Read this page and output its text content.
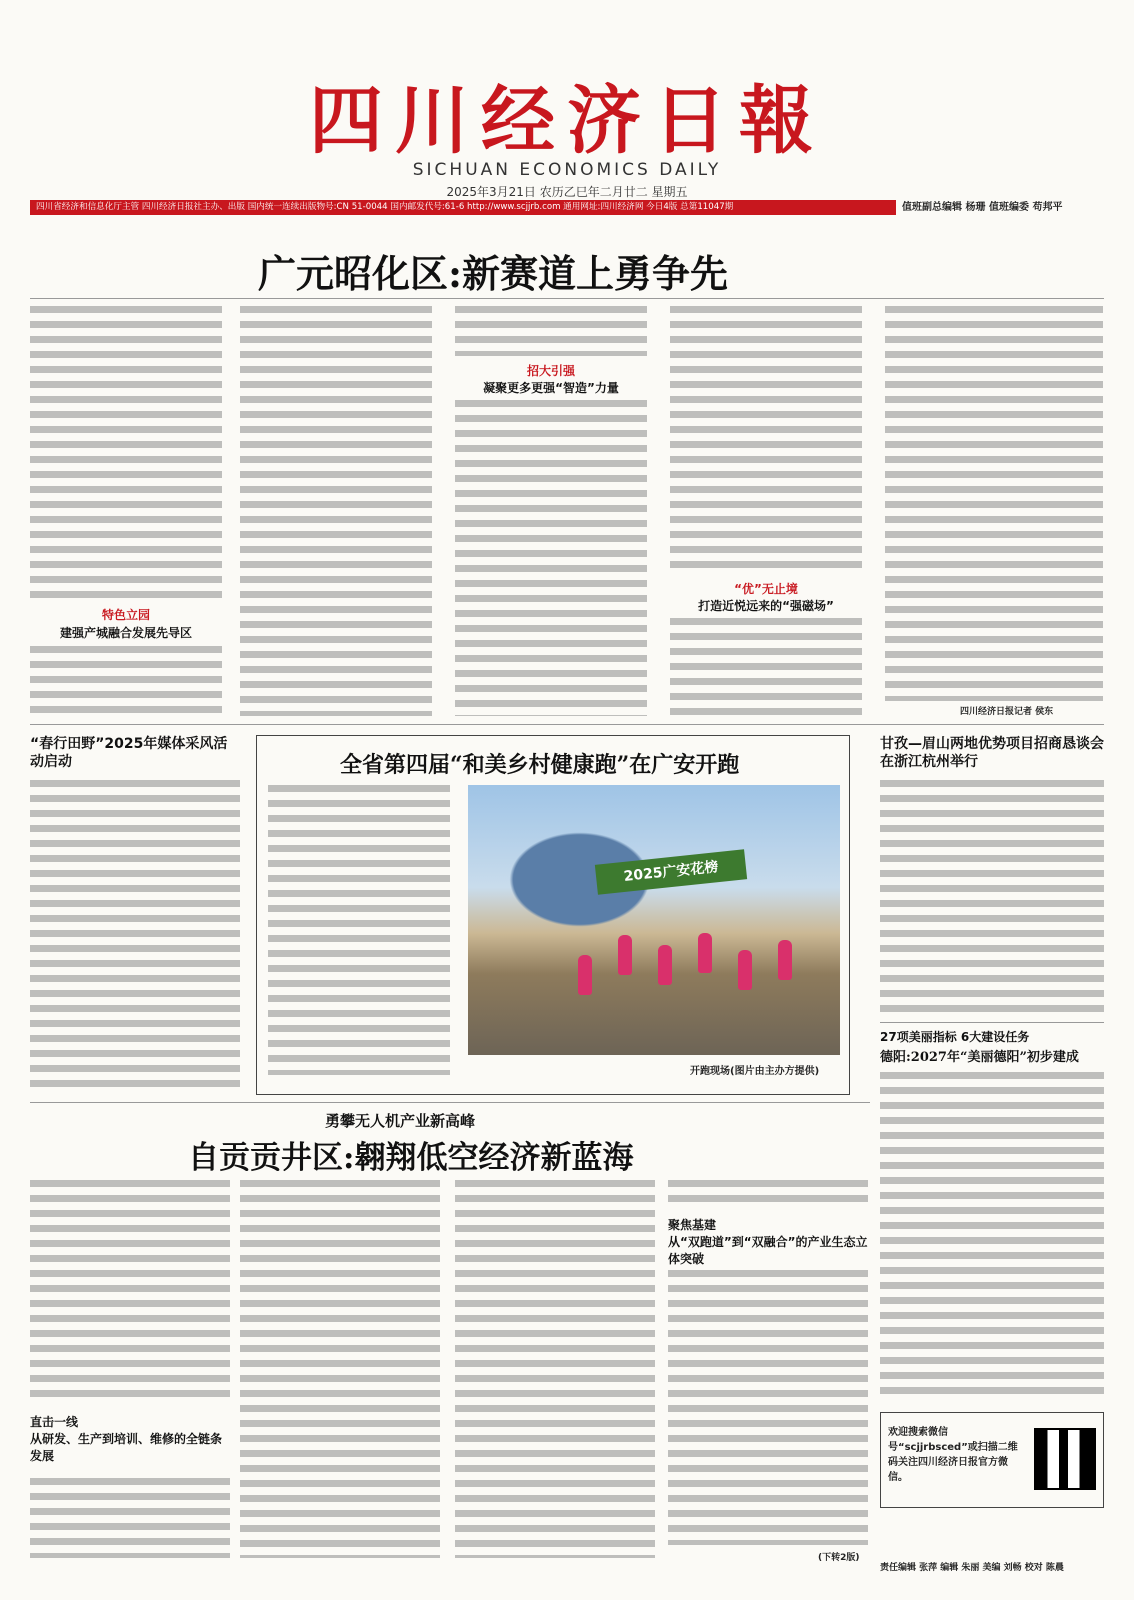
四川经济日報
SICHUAN ECONOMICS DAILY
2025年3月21日 农历乙巳年二月廿二 星期五
四川省经济和信息化厅主管 四川经济日报社主办、出版 国内统一连续出版物号:CN 51-0044 国内邮发代号:61-6 http://www.scjjrb.com 通用网址:四川经济网 今日4版 总第11047期	值班副总编辑 杨珊 值班编委 苟邦平
广元昭化区:新赛道上勇争先
特色立园
建强产城融合发展先导区
招大引强
凝聚更多更强“智造”力量
“优”无止境
打造近悦远来的“强磁场”
四川经济日报记者 侯东
“春行田野”2025年媒体采风活动启动	全省第四届“和美乡村健康跑”在广安开跑
2025广安花榜
开跑现场(图片由主办方提供)
甘孜—眉山两地优势项目招商恳谈会在浙江杭州举行
27项美丽指标 6大建设任务
德阳:2027年“美丽德阳”初步建成
勇攀无人机产业新高峰
自贡贡井区:翱翔低空经济新蓝海
直击一线
从研发、生产到培训、维修的全链条发展
聚焦基建
从“双跑道”到“双融合”的产业生态立体突破
(下转2版)
欢迎搜索微信号“scjjrbsced”或扫描二维码关注四川经济日报官方微信。
责任编辑 张萍 编辑 朱丽 美编 刘畅 校对 陈晨
